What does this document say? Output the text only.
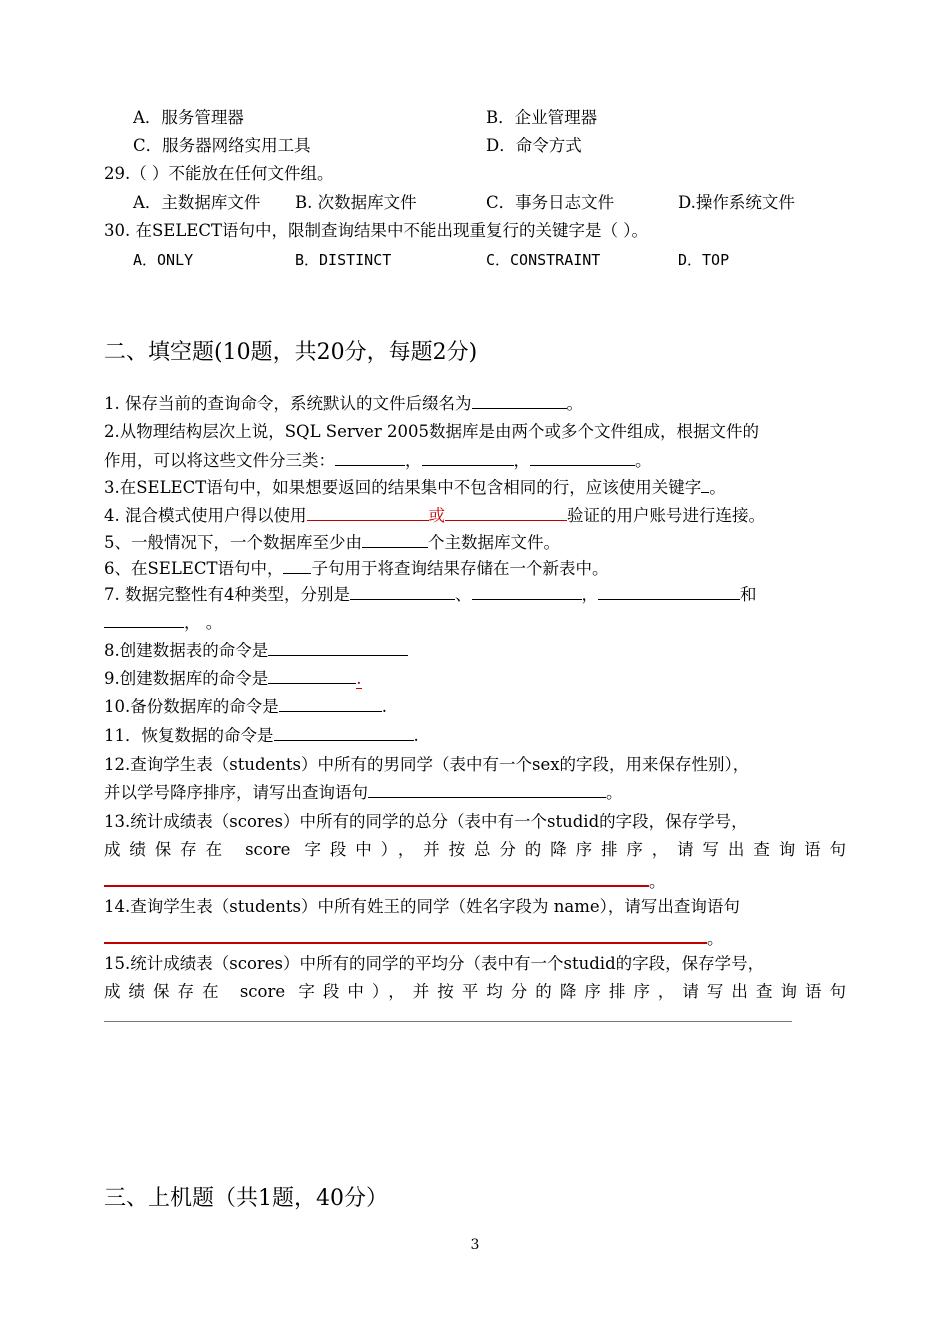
A．服务管理器	B．企业管理器
C．服务器网络实用工具	D．命令方式
29.（ ）不能放在任何文件组。
A．主数据库文件 B. 次数据库文件	C．事务日志文件	D.操作系统文件
30. 在SELECT语句中，限制查询结果中不能出现重复行的关键字是（ ）。
A．ONLY	B．DISTINCT	C．CONSTRAINT	D．TOP
二、填空题(10题，共20分，每题2分)
1. 保存当前的查询命令，系统默认的文件后缀名为	。
2.从物理结构层次上说，SQL Server 2005数据库是由两个或多个文件组成，根据文件的
作用，可以将这些文件分三类：	，	，	。
3.在SELECT语句中，如果想要返回的结果集中不包含相同的行，应该使用关键字 。
4. 混合模式使用户得以使用	或	验证的用户账号进行连接。
5、一般情况下，一个数据库至少由	个主数据库文件。
6、在SELECT语句中， 子句用于将查询结果存储在一个新表中。
7. 数据完整性有4种类型，分别是	、	，	和
， 。
8.创建数据表的命令是
9.创建数据库的命令是	.
10.备份数据库的命令是	.
11．恢复数据的命令是	.
12.查询学生表（students）中所有的男同学（表中有一个sex的字段，用来保存性别），
并以学号降序排序，请写出查询语句	。
13.统计成绩表（scores）中所有的同学的总分（表中有一个studid的字段，保存学号，
成绩保存在 score 字段中），并按总分的降序排序，请写出查询语句
。
14.查询学生表（students）中所有姓王的同学（姓名字段为 name），请写出查询语句
。
15.统计成绩表（scores）中所有的同学的平均分（表中有一个studid的字段，保存学号，
成绩保存在 score 字段中），并按平均分的降序排序，请写出查询语句
三、上机题（共1题，40分）
3
